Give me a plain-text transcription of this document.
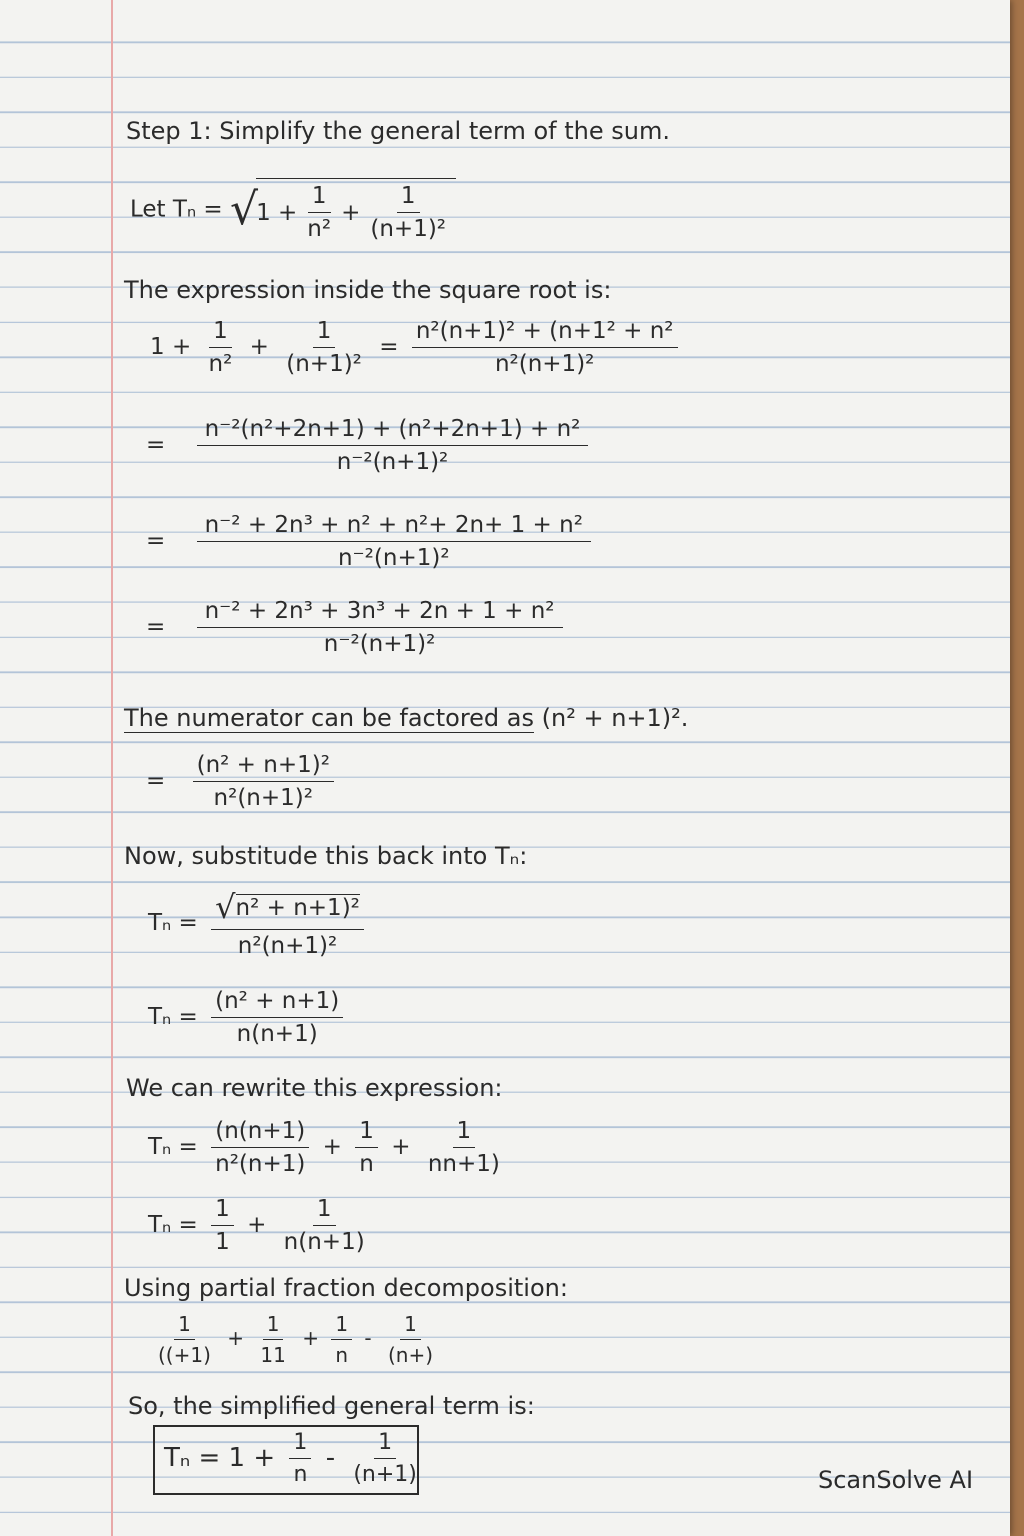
Step 1: Simplify the general term of the sum.
Let Tₙ = √
$1 + \frac{1}{\text{n²}} + \frac{1}{\text{(n+1)²}}$
The expression inside the square root is:
$1 + \frac{1}{\text{n²}} + \frac{1}{\text{(n+1)²}} = \frac{\text{n²(n+1)² + (n+1² + n²}}{\text{n²(n+1)²}}$
= $\frac{\text{n⁻²(n²+2n+1) + (n²+2n+1) + n²}}{\text{n⁻²(n+1)²}}$
= $\frac{\text{n⁻² + 2n³ + n² + n²+ 2n+ 1 + n²}}{\text{n⁻²(n+1)²}}$
= $\frac{\text{n⁻² + 2n³ + 3n³ + 2n + 1 + n²}}{\text{n⁻²(n+1)²}}$
The numerator can be factored as (n² + n+1)².
= $\frac{\text{(n² + n+1)²}}{\text{n²(n+1)²}}$
Now, substitude this back into Tₙ:
$T_n = \frac{\text{√ n² + n+1)²}}{\text{n²(n+1)²}}$
$T_n = \frac{\text{(n² + n+1)}}{n(n+1)}$
We can rewrite this expression:
$T_n = \frac{(n(n+1)}{\text{n²(n+1)}} + \frac{1}{n} + \frac{1}{nn+1)}$
$T_n = \frac{1}{1} + \frac{1}{n(n+1)}$
Using partial fraction decomposition:
$\frac{1}{((+1)} + \frac{1}{11} + \frac{1}{n} - \frac{1}{(n+)}$
So, the simplified general term is:
$T_n = 1 + \frac{1}{n} - \frac{1}{(n+1)}$	ScanSolve AI
